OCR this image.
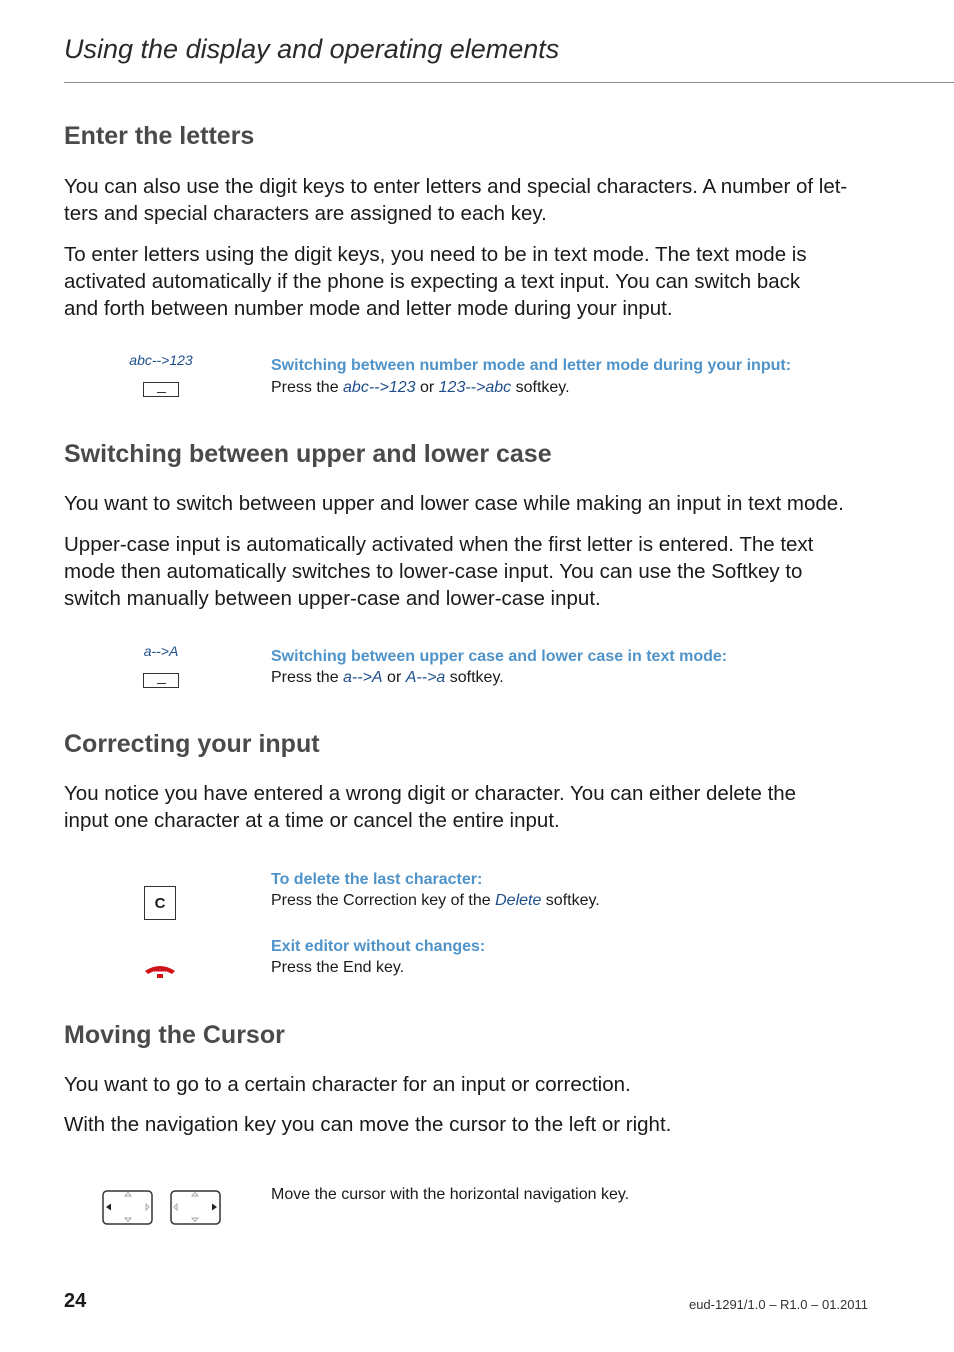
Using the display and operating elements
Enter the letters
You can also use the digit keys to enter letters and special characters. A number of let-
ters and special characters are assigned to each key.
To enter letters using the digit keys, you need to be in text mode. The text mode is
activated automatically if the phone is expecting a text input. You can switch back
and forth between number mode and letter mode during your input.
abc-->123	Switching between number mode and letter mode during your input:
Press the abc-->123 or 123-->abc softkey.
Switching between upper and lower case
You want to switch between upper and lower case while making an input in text mode.
Upper-case input is automatically activated when the first letter is entered. The text
mode then automatically switches to lower-case input. You can use the Softkey to
switch manually between upper-case and lower-case input.
a-->A	Switching between upper case and lower case in text mode:
Press the a-->A or A-->a softkey.
Correcting your input
You notice you have entered a wrong digit or character. You can either delete the
input one character at a time or cancel the entire input.
C
To delete the last character:
Press the Correction key of the Delete softkey.
Exit editor without changes:
Press the End key.
Moving the Cursor
You want to go to a certain character for an input or correction.
With the navigation key you can move the cursor to the left or right.
Move the cursor with the horizontal navigation key.
24	eud-1291/1.0 – R1.0 – 01.2011
